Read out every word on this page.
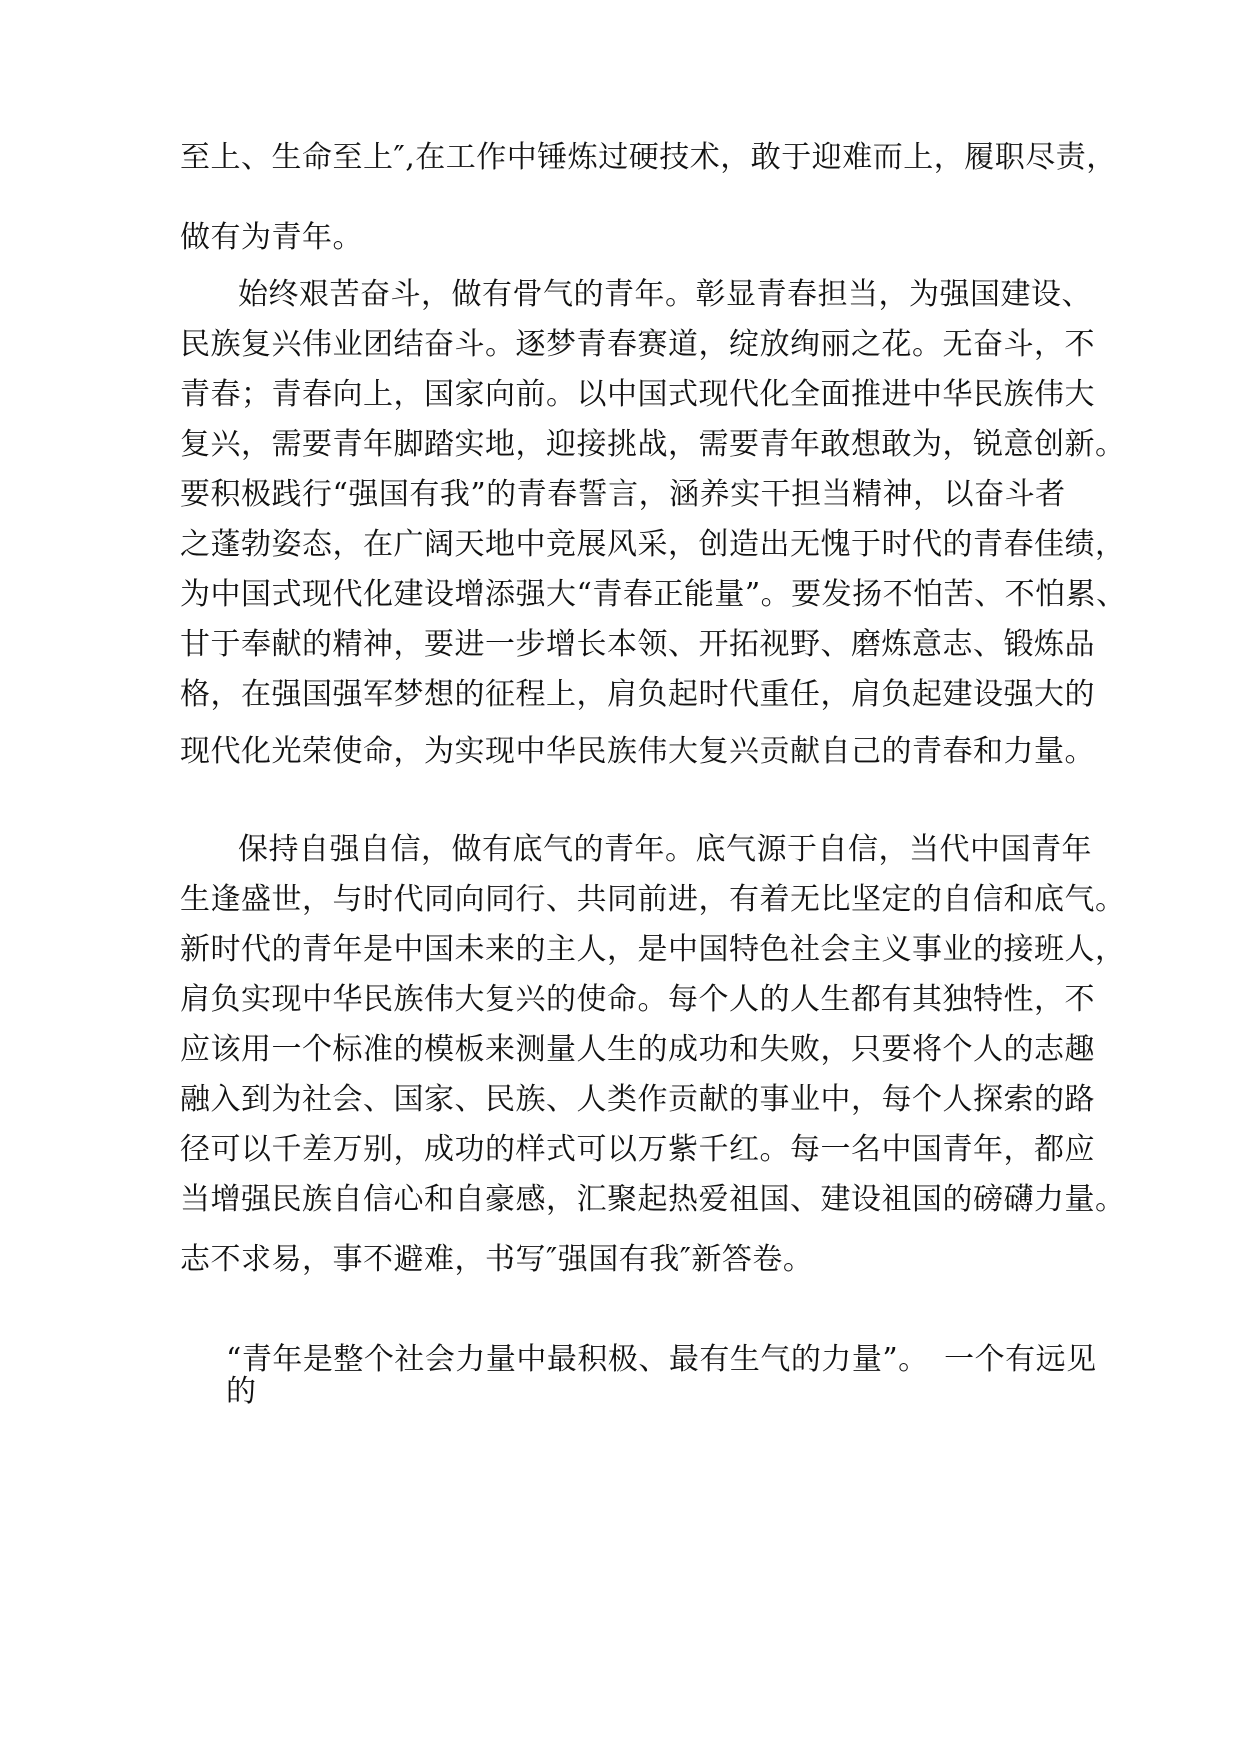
至上、生命至上″,在工作中锤炼过硬技术，敢于迎难而上，履职尽责，
做有为青年。
始终艰苦奋斗，做有骨气的青年。彰显青春担当，为强国建设、
民族复兴伟业团结奋斗。逐梦青春赛道，绽放绚丽之花。无奋斗，不
青春；青春向上，国家向前。以中国式现代化全面推进中华民族伟大
复兴，需要青年脚踏实地，迎接挑战，需要青年敢想敢为，锐意创新。
要积极践行“强国有我”的青春誓言，涵养实干担当精神，以奋斗者
之蓬勃姿态，在广阔天地中竞展风采，创造出无愧于时代的青春佳绩，
为中国式现代化建设增添强大“青春正能量”。要发扬不怕苦、不怕累、
甘于奉献的精神，要进一步增长本领、开拓视野、磨炼意志、锻炼品
格，在强国强军梦想的征程上，肩负起时代重任，肩负起建设强大的
现代化光荣使命，为实现中华民族伟大复兴贡献自己的青春和力量。
保持自强自信，做有底气的青年。底气源于自信，当代中国青年
生逢盛世，与时代同向同行、共同前进，有着无比坚定的自信和底气。
新时代的青年是中国未来的主人，是中国特色社会主义事业的接班人，
肩负实现中华民族伟大复兴的使命。每个人的人生都有其独特性，不
应该用一个标准的模板来测量人生的成功和失败，只要将个人的志趣
融入到为社会、国家、民族、人类作贡献的事业中，每个人探索的路
径可以千差万别，成功的样式可以万紫千红。每一名中国青年，都应
当增强民族自信心和自豪感，汇聚起热爱祖国、建设祖国的磅礴力量。
志不求易，事不避难，书写″强国有我″新答卷。
“青年是整个社会力量中最积极、最有生气的力量”。　一个有远见
的
